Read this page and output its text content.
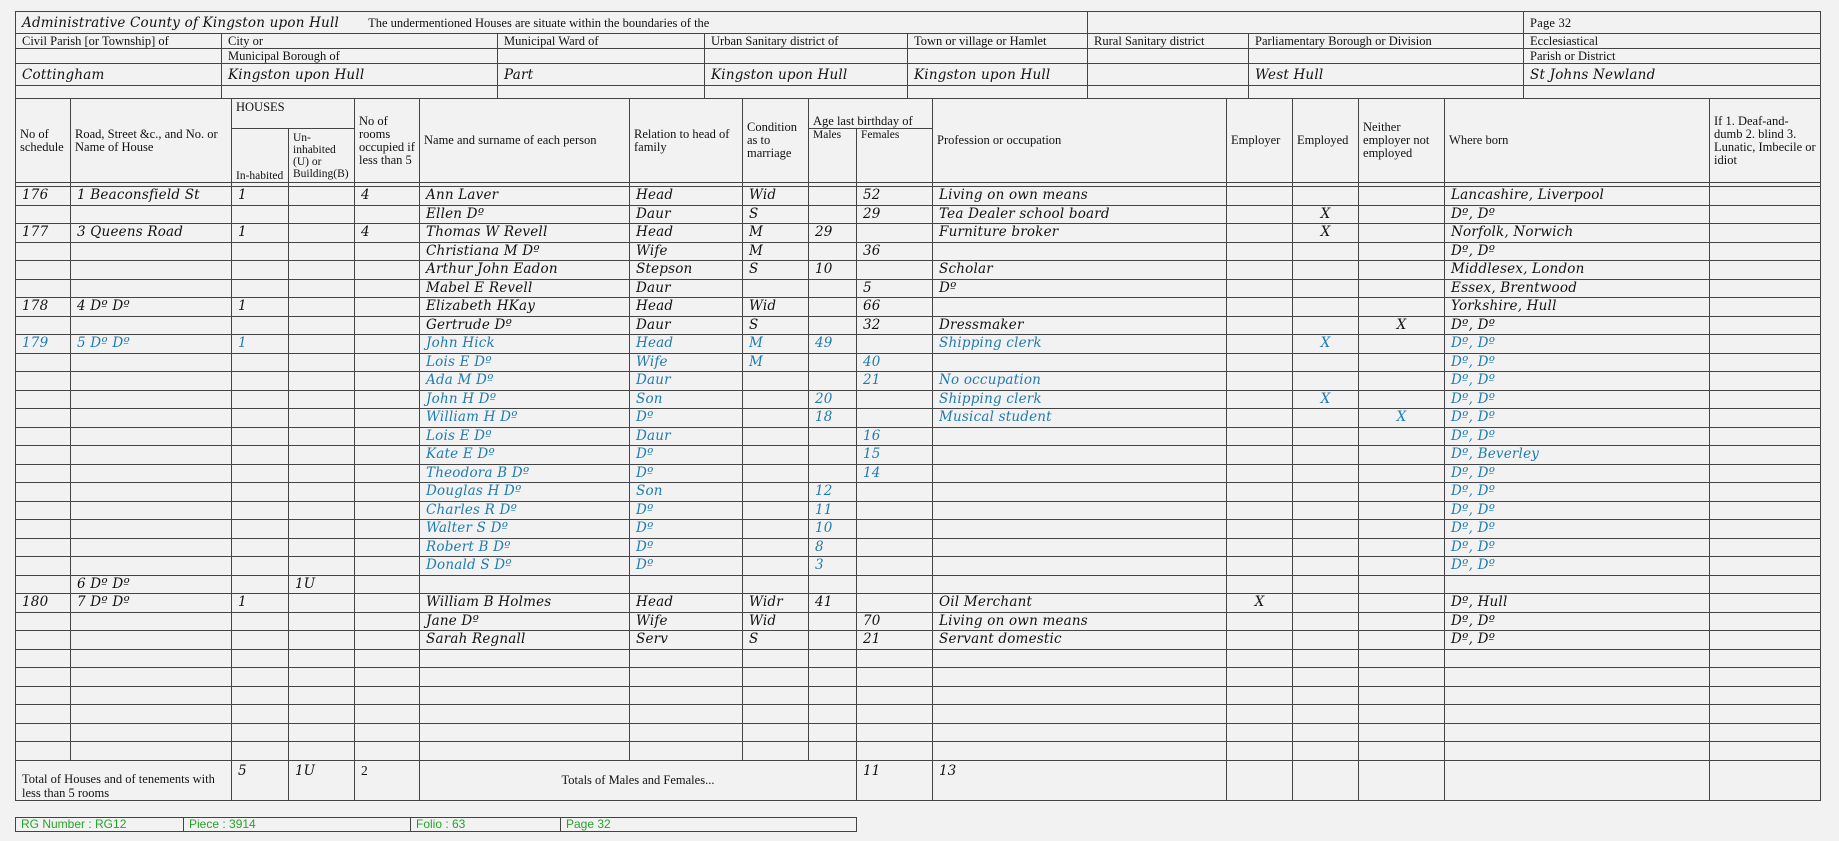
Administrative County of Kingston upon Hull The undermentioned Houses are situate within the boundaries of the							Page 32
Civil Parish [or Township] of	City or	Municipal Ward of	Urban Sanitary district of	Town or village or Hamlet	Rural Sanitary district	Parliamentary Borough or Division	Ecclesiastical
	Municipal Borough of						Parish or District
Cottingham	Kingston upon Hull	Part	Kingston upon Hull	Kingston upon Hull		West Hull	St Johns Newland

No of schedule	Road, Street &c., and No. or Name of House	HOUSES		No of rooms occupied if less than 5	Name and surname of each person	Relation to head of family	Condition as to marriage	Age last birthday of		Profession or occupation	Employer	Employed	Neither employer not employed	Where born	If 1. Deaf-and-dumb 2. blind 3. Lunatic, Imbecile or idiot	
		In-habited	Un-inhabited (U) or Building(B)					Males	Females							

176	1 Beaconsfield St	1		4	Ann Laver	Head	Wid		52	Living on own means				Lancashire, Liverpool		
					Ellen Dº	Daur	S		29	Tea Dealer school board		X		Dº, Dº		
177	3 Queens Road	1		4	Thomas W Revell	Head	M	29		Furniture broker		X		Norfolk, Norwich		
					Christiana M Dº	Wife	M		36					Dº, Dº		
					Arthur John Eadon	Stepson	S	10		Scholar				Middlesex, London		
					Mabel E Revell	Daur			5	Dº				Essex, Brentwood		
178	4 Dº Dº	1			Elizabeth HKay	Head	Wid		66					Yorkshire, Hull		
					Gertrude Dº	Daur	S		32	Dressmaker			X	Dº, Dº		
179	5 Dº Dº	1			John Hick	Head	M	49		Shipping clerk		X		Dº, Dº		
					Lois E Dº	Wife	M		40					Dº, Dº		
					Ada M Dº	Daur			21	No occupation				Dº, Dº		
					John H Dº	Son		20		Shipping clerk		X		Dº, Dº		
					William H Dº	Dº		18		Musical student			X	Dº, Dº		
					Lois E Dº	Daur			16					Dº, Dº		
					Kate E Dº	Dº			15					Dº, Beverley		
					Theodora B Dº	Dº			14					Dº, Dº		
					Douglas H Dº	Son		12						Dº, Dº		
					Charles R Dº	Dº		11						Dº, Dº		
					Walter S Dº	Dº		10						Dº, Dº		
					Robert B Dº	Dº		8						Dº, Dº		
					Donald S Dº	Dº		3						Dº, Dº		
	6 Dº Dº		1U													
180	7 Dº Dº	1			William B Holmes	Head	Widr	41		Oil Merchant	X			Dº, Hull		
					Jane Dº	Wife	Wid		70	Living on own means				Dº, Dº		
					Sarah Regnall	Serv	S		21	Servant domestic				Dº, Dº		

Total of Houses and of tenements with less than 5 rooms		5	1U	2	Totals of Males and Females...				11	13						
RG Number : RG12	Piece : 3914	Folio : 63	Page 32
